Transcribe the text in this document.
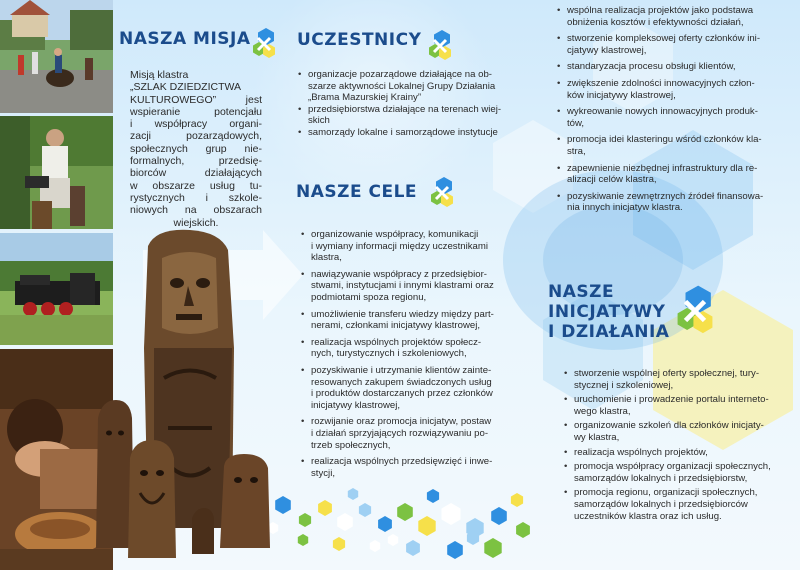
NASZA MISJA
Misją klastra
„SZLAK DZIEDZICTWA
KULTUROWEGO” jest
wspieranie potencjału
i współpracy organi-
zacji pozarządowych,
społecznych grup nie-
formalnych, przedsię-
biorców działających
w obszarze usług tu-
rystycznych i szkole-
niowych na obszarach
wiejskich.
UCZESTNICY
• organizacje pozarządowe działające na ob-
szarze aktywności Lokalnej Grupy Działania
„Brama Mazurskiej Krainy”
• przedsiębiorstwa działające na terenach wiej-
skich
• samorządy lokalne i samorządowe instytucje
NASZE CELE
• organizowanie współpracy, komunikacji
i wymiany informacji między uczestnikami
klastra,
• nawiązywanie współpracy z przedsiębior-
stwami, instytucjami i innymi klastrami oraz
podmiotami spoza regionu,
• umożliwienie transferu wiedzy między part-
nerami, członkami inicjatywy klastrowej,
• realizacja wspólnych projektów społecz-
nych, turystycznych i szkoleniowych,
• pozyskiwanie i utrzymanie klientów zainte-
resowanych zakupem świadczonych usług
i produktów dostarczanych przez członków
inicjatywy klastrowej,
• rozwijanie oraz promocja inicjatyw, postaw
i działań sprzyjających rozwiązywaniu po-
trzeb społecznych,
• realizacja wspólnych przedsięwzięć i inwe-
stycji,
• wspólna realizacja projektów jako podstawa
obniżenia kosztów i efektywności działań,
• stworzenie kompleksowej oferty członków ini-
cjatywy klastrowej,
• standaryzacja procesu obsługi klientów,
• zwiększenie zdolności innowacyjnych człon-
ków inicjatywy klastrowej,
• wykreowanie nowych innowacyjnych produk-
tów,
• promocja idei klasteringu wśród członków kla-
stra,
• zapewnienie niezbędnej infrastruktury dla re-
alizacji celów klastra,
• pozyskiwanie zewnętrznych źródeł finansowa-
nia innych inicjatyw klastra.
NASZE
INICJATYWY
I DZIAŁANIA
• stworzenie wspólnej oferty społecznej, tury-
stycznej i szkoleniowej,
• uruchomienie i prowadzenie portalu interneto-
wego klastra,
• organizowanie szkoleń dla członków inicjaty-
wy klastra,
• realizacja wspólnych projektów,
• promocja współpracy organizacji społecznych,
samorządów lokalnych i przedsiębiorstw,
• promocja regionu, organizacji społecznych,
samorządów lokalnych i przedsiębiorców
uczestników klastra oraz ich usług.
